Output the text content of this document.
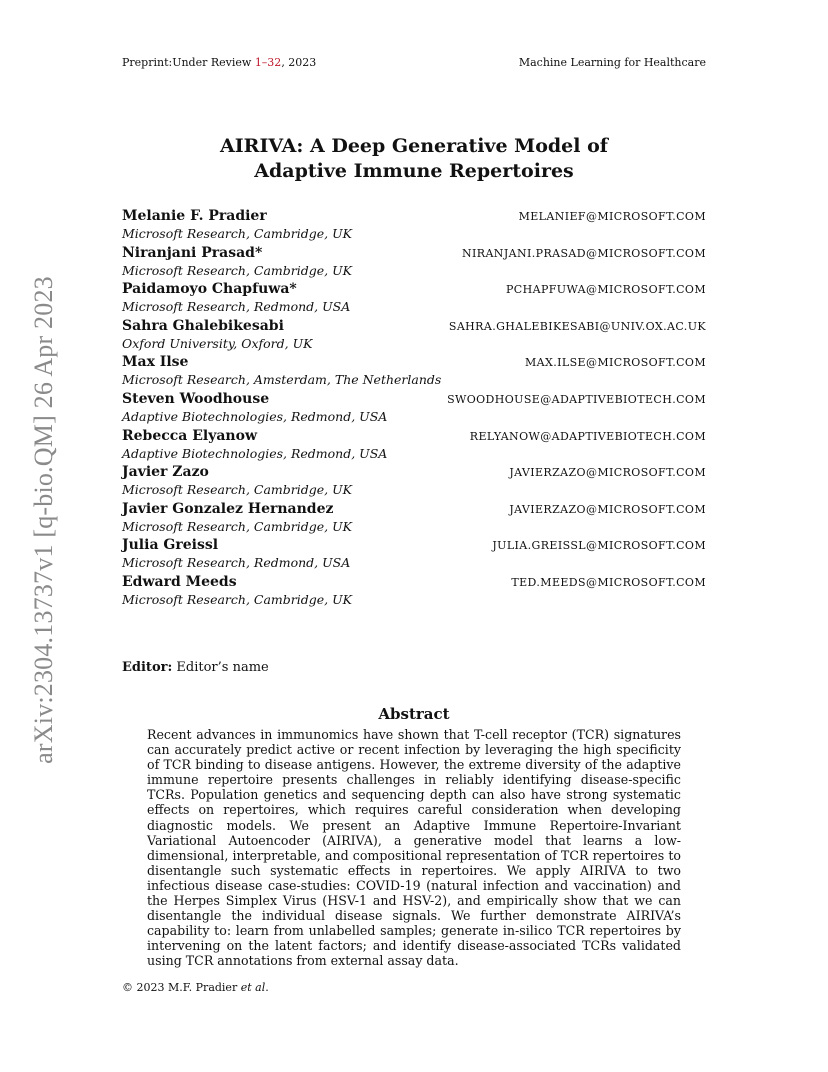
Preprint:Under Review 1–32, 2023	Machine Learning for Healthcare
arXiv:2304.13737v1 [q-bio.QM] 26 Apr 2023
AIRIVA: A Deep Generative Model of
Adaptive Immune Repertoires
Melanie F. Pradier	MELANIEF@MICROSOFT.COM
Microsoft Research, Cambridge, UK
Niranjani Prasad*	NIRANJANI.PRASAD@MICROSOFT.COM
Microsoft Research, Cambridge, UK
Paidamoyo Chapfuwa*	PCHAPFUWA@MICROSOFT.COM
Microsoft Research, Redmond, USA
Sahra Ghalebikesabi	SAHRA.GHALEBIKESABI@UNIV.OX.AC.UK
Oxford University, Oxford, UK
Max Ilse	MAX.ILSE@MICROSOFT.COM
Microsoft Research, Amsterdam, The Netherlands
Steven Woodhouse	SWOODHOUSE@ADAPTIVEBIOTECH.COM
Adaptive Biotechnologies, Redmond, USA
Rebecca Elyanow	RELYANOW@ADAPTIVEBIOTECH.COM
Adaptive Biotechnologies, Redmond, USA
Javier Zazo	JAVIERZAZO@MICROSOFT.COM
Microsoft Research, Cambridge, UK
Javier Gonzalez Hernandez	JAVIERZAZO@MICROSOFT.COM
Microsoft Research, Cambridge, UK
Julia Greissl	JULIA.GREISSL@MICROSOFT.COM
Microsoft Research, Redmond, USA
Edward Meeds	TED.MEEDS@MICROSOFT.COM
Microsoft Research, Cambridge, UK
Editor: Editor’s name
Abstract
Recent advances in immunomics have shown that T-cell receptor (TCR) signatures can accurately predict active or recent infection by leveraging the high specificity of TCR binding to disease antigens. However, the extreme diversity of the adaptive immune repertoire presents challenges in reliably identifying disease-specific TCRs. Population genetics and sequencing depth can also have strong systematic effects on repertoires, which requires careful consideration when developing diagnostic models. We present an Adaptive Immune Repertoire-Invariant Variational Autoencoder (AIRIVA), a generative model that learns a low-dimensional, interpretable, and compositional representation of TCR repertoires to disentangle such systematic effects in repertoires. We apply AIRIVA to two infectious disease case-studies: COVID-19 (natural infection and vaccination) and the Herpes Simplex Virus (HSV-1 and HSV-2), and empirically show that we can disentangle the individual disease signals. We further demonstrate AIRIVA’s capability to: learn from unlabelled samples; generate in-silico TCR repertoires by intervening on the latent factors; and identify disease-associated TCRs validated using TCR annotations from external assay data.
© 2023 M.F. Pradier et al.
